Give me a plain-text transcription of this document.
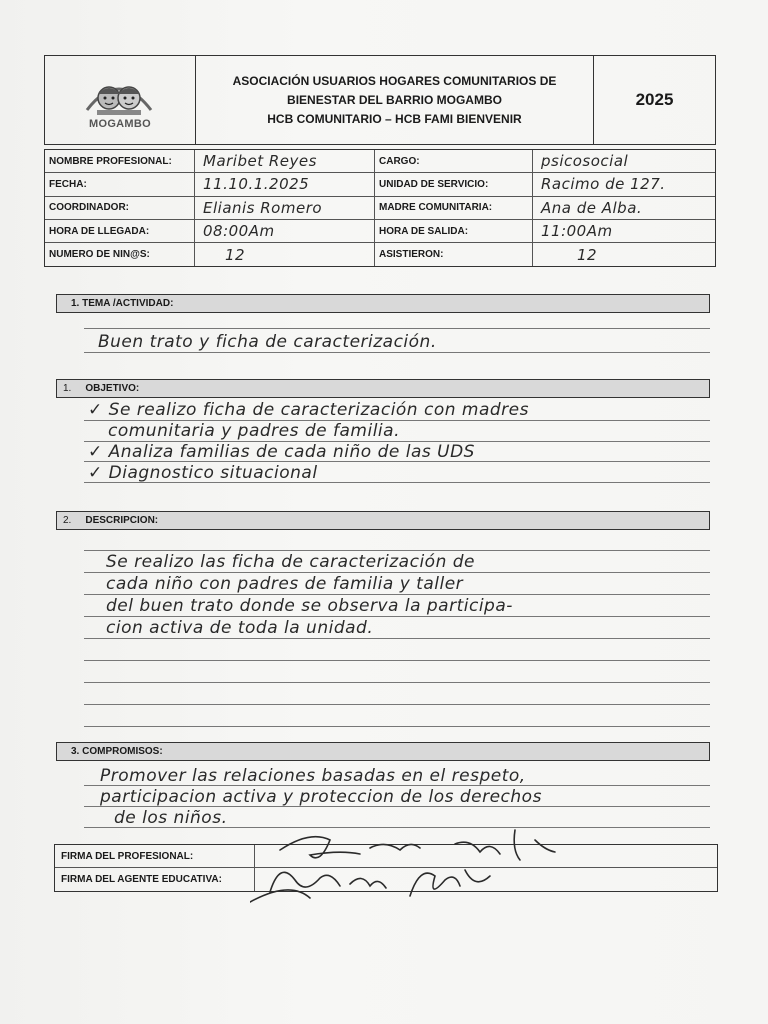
MOGAMBO
ASOCIACIÓN USUARIOS HOGARES COMUNITARIOS DE
BIENESTAR DEL BARRIO MOGAMBO
HCB COMUNITARIO – HCB FAMI BIENVENIR
2025
NOMBRE PROFESIONAL:	Maribet Reyes	CARGO:	psicosocial
FECHA:	11.10.1.2025	UNIDAD DE SERVICIO:	Racimo de 127.
COORDINADOR:	Elianis Romero	MADRE COMUNITARIA:	Ana de Alba.
HORA DE LLEGADA:	08:00Am	HORA DE SALIDA:	11:00Am
NUMERO DE NIN@S:	12	ASISTIERON:	12
1. TEMA /ACTIVIDAD:
Buen trato y ficha de caracterización.
1. OBJETIVO:
✓ Se realizo ficha de caracterización con madres
comunitaria y padres de familia.
✓ Analiza familias de cada niño de las UDS
✓ Diagnostico situacional
2. DESCRIPCION:
Se realizo las ficha de caracterización de
cada niño con padres de familia y taller
del buen trato donde se observa la participa-
cion activa de toda la unidad.
3. COMPROMISOS:
Promover las relaciones basadas en el respeto,
participacion activa y proteccion de los derechos
de los niños.
FIRMA DEL PROFESIONAL:
FIRMA DEL AGENTE EDUCATIVA:
